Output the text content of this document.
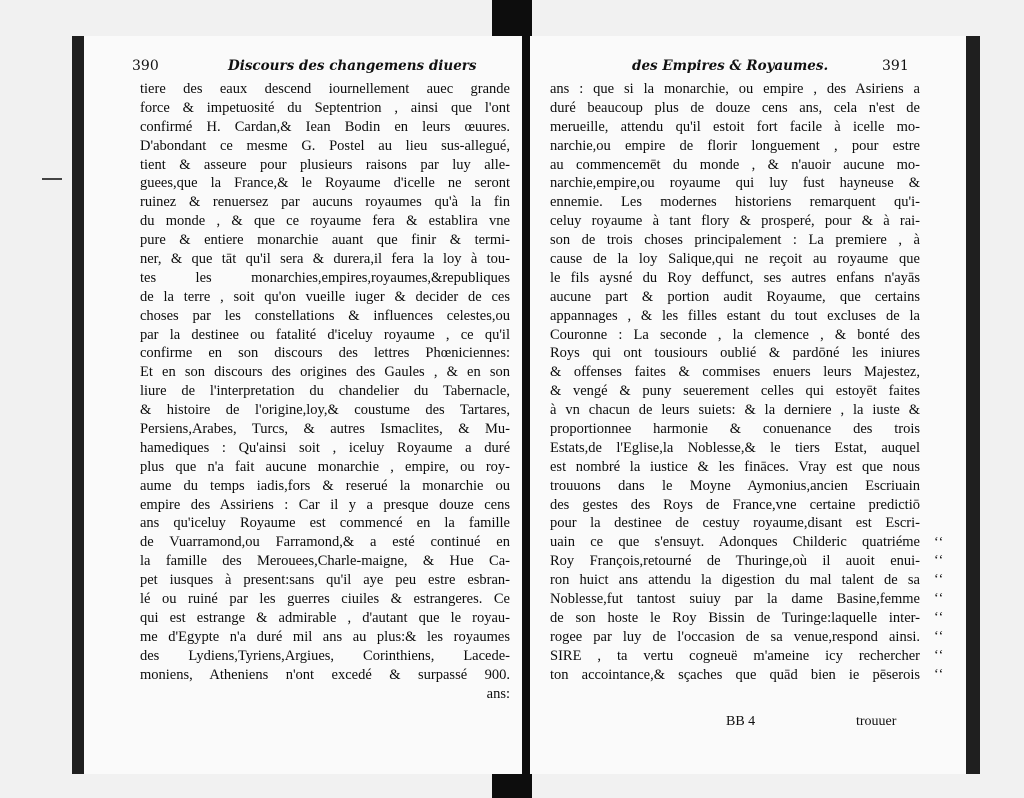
390	Discours des changemens diuers
tiere des eaux descend iournellement auec grande
force & impetuosité du Septentrion , ainsi que l'ont
confirmé H. Cardan,& Iean Bodin en leurs œuures.
D'abondant ce mesme G. Postel au lieu sus-allegué,
tient & asseure pour plusieurs raisons par luy alle-
guees,que la France,& le Royaume d'icelle ne seront
ruinez & renuersez par aucuns royaumes qu'à la fin
du monde , & que ce royaume fera & establira vne
pure & entiere monarchie auant que finir & termi-
ner, & que tāt qu'il sera & durera,il fera la loy à tou-
tes les monarchies,empires,royaumes,&republiques
de la terre , soit qu'on vueille iuger & decider de ces
choses par les constellations & influences celestes,ou
par la destinee ou fatalité d'iceluy royaume , ce qu'il
confirme en son discours des lettres Phœniciennes:
Et en son discours des origines des Gaules , & en son
liure de l'interpretation du chandelier du Tabernacle,
& histoire de l'origine,loy,& coustume des Tartares,
Persiens,Arabes, Turcs, & autres Ismaclites, & Mu-
hamediques : Qu'ainsi soit , iceluy Royaume a duré
plus que n'a fait aucune monarchie , empire, ou roy-
aume du temps iadis,fors & reserué la monarchie ou
empire des Assiriens : Car il y a presque douze cens
ans qu'iceluy Royaume est commencé en la famille
de Vuarramond,ou Farramond,& a esté continué en
la famille des Merouees,Charle-maigne, & Hue Ca-
pet iusques à present:sans qu'il aye peu estre esbran-
lé ou ruiné par les guerres ciuiles & estrangeres. Ce
qui est estrange & admirable , d'autant que le royau-
me d'Egypte n'a duré mil ans au plus:& les royaumes
des Lydiens,Tyriens,Argiues, Corinthiens, Lacede-
moniens, Atheniens n'ont excedé & surpassé 900.
ans:
des Empires & Royaumes.	391
ʻʻ
ʻʻ
ʻʻ
ʻʻ
ʻʻ
ʻʻ
ʻʻ
ʻʻ
ans : que si la monarchie, ou empire , des Asiriens a
duré beaucoup plus de douze cens ans, cela n'est de
merueille, attendu qu'il estoit fort facile à icelle mo-
narchie,ou empire de florir longuement , pour estre
au commencemēt du monde , & n'auoir aucune mo-
narchie,empire,ou royaume qui luy fust hayneuse &
ennemie. Les modernes historiens remarquent qu'i-
celuy royaume à tant flory & prosperé, pour & à rai-
son de trois choses principalement : La premiere , à
cause de la loy Salique,qui ne reçoit au royaume que
le fils aysné du Roy deffunct, ses autres enfans n'ayās
aucune part & portion audit Royaume, que certains
appannages , & les filles estant du tout excluses de la
Couronne : La seconde , la clemence , & bonté des
Roys qui ont tousiours oublié & pardōné les iniures
& offenses faites & commises enuers leurs Majestez,
& vengé & puny seuerement celles qui estoyēt faites
à vn chacun de leurs suiets: & la derniere , la iuste &
proportionnee harmonie & conuenance des trois
Estats,de l'Eglise,la Noblesse,& le tiers Estat, auquel
est nombré la iustice & les fināces. Vray est que nous
trouuons dans le Moyne Aymonius,ancien Escriuain
des gestes des Roys de France,vne certaine predictiō
pour la destinee de cestuy royaume,disant est Escri-
uain ce que s'ensuyt. Adonques Childeric quatriéme
Roy François,retourné de Thuringe,où il auoit enui-
ron huict ans attendu la digestion du mal talent de sa
Noblesse,fut tantost suiuy par la dame Basine,femme
de son hoste le Roy Bissin de Turinge:laquelle inter-
rogee par luy de l'occasion de sa venue,respond ainsi.
SIRE , ta vertu cogneuë m'ameine icy rechercher
ton accointance,& sçaches que quād bien ie pēserois
BB 4	trouuer
